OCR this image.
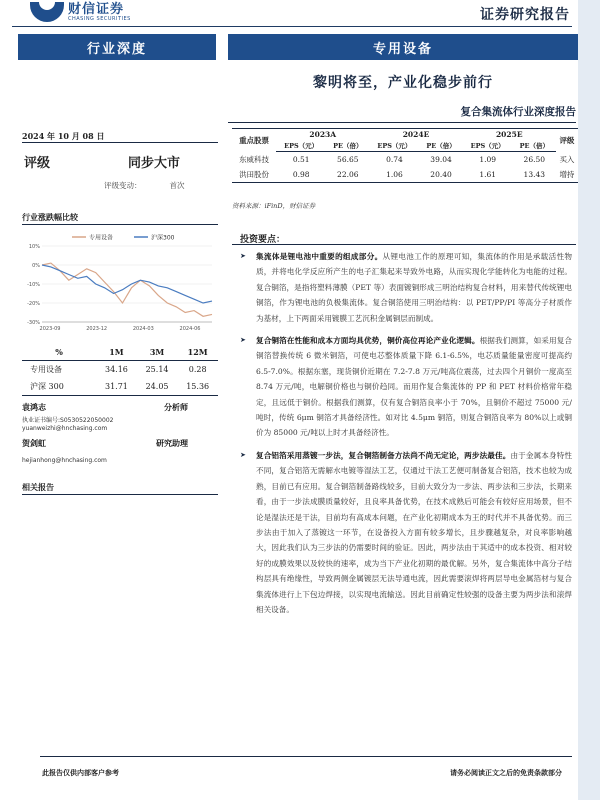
财信证券
CHASING SECURITIES	证券研究报告
行业深度	专用设备
黎明将至，产业化稳步前行
复合集流体行业深度报告
2024 年 10 月 08 日
评级	同步大市
评级变动：	首次
行业涨跌幅比较
专用设备	沪深300
10%
0%
-10%
-20%
-30%
2023-09	2023-12	2024-03	2024-06
%	1M	3M	12M
专用设备	34.16	25.14	0.28
沪深 300	31.71	24.05	15.36
袁鸿志	分析师
执业证书编号:S0530522050002
yuanweizhi@hnchasing.com
贺剑虹	研究助理
hejianhong@hnchasing.com
相关报告
重点股票	2023A		2024E		2025E		评级
	EPS（元）	PE（倍）	EPS（元）	PE（倍）	EPS（元）	PE（倍）	
东威科技	0.51	56.65	0.74	39.04	1.09	26.50	买入
洪田股份	0.98	22.06	1.06	20.40	1.61	13.43	增持
资料来源：iFinD，财信证券
投资要点：
➤ 集流体是锂电池中重要的组成部分。从锂电池工作的原理可知，集流体的作用是承载活性物质，并将电化学反应所产生的电子汇集起来导致外电路，从而实现化学能转化为电能的过程。复合铜箔，是指将塑料薄膜（PET 等）表面镀铜形成三明治结构复合材料，用来替代传统锂电铜箔，作为锂电池的负极集流体。复合铜箔使用三明治结构：以 PET/PP/PI 等高分子材质作为基材，上下两面采用镀膜工艺沉积金属铜层而制成。
➤ 复合铜箔在性能和成本方面均具优势，铜价高位再论产业化逻辑。根据我们测算，如采用复合铜箔替换传统 6 微米铜箔，可使电芯整体质量下降 6.1-6.5%，电芯质量能量密度可提高约 6.5-7.0%。根据东塞，现货铜价近期在 7.2-7.8 万元/吨高位震荡，过去四个月铜价一度高至 8.74 万元/吨，电解铜价格也与铜价趋同。而用作复合集流体的 PP 和 PET 材料价格常年稳定，且远低于铜价。根据我们测算，仅有复合铜箔良率小于 70%，且铜价不超过 75000 元/吨时，传统 6μm 铜箔才具备经济性。如对比 4.5μm 铜箔，则复合铜箔良率为 80%以上或铜价为 85000 元/吨以上时才具备经济性。
➤ 复合铝箔采用蒸镀一步法，复合铜箔制备方法尚不尚无定论，两步法最佳。由于金属本身特性不同，复合铝箔无需解水电镀等湿法工艺，仅通过干法工艺便可制备复合铝箔，技术也较为成熟，目前已有应用。复合铜箔制备路线较多，目前大致分为一步法、两步法和三步法，长期来看，由于一步法成膜质量较好，且良率具备优势，在技术成熟后可能会有较好应用场景，但不论是湿法还是干法，目前均有高成本问题，在产业化初期成本为王的时代并不具备优势。而三步法由于加入了蒸镀这一环节，在设备投入方面有较多增长，且步骤越复杂，对良率影响越大，因此我们认为三步法的仍需要时间的验证。因此，两步法由于其适中的成本投资、相对较好的成膜效果以及较快的速率，成为当下产业化初期的最优解。另外，复合集流体中高分子结构层具有绝缘性，导致两侧金属镀层无法导通电流，因此需要滚焊将两层导电金属箔材与复合集流体进行上下包边焊接，以实现电流输送。因此目前确定性较强的设备主要为两步法和滚焊相关设备。
此报告仅供内部客户参考	请务必阅读正文之后的免责条款部分
